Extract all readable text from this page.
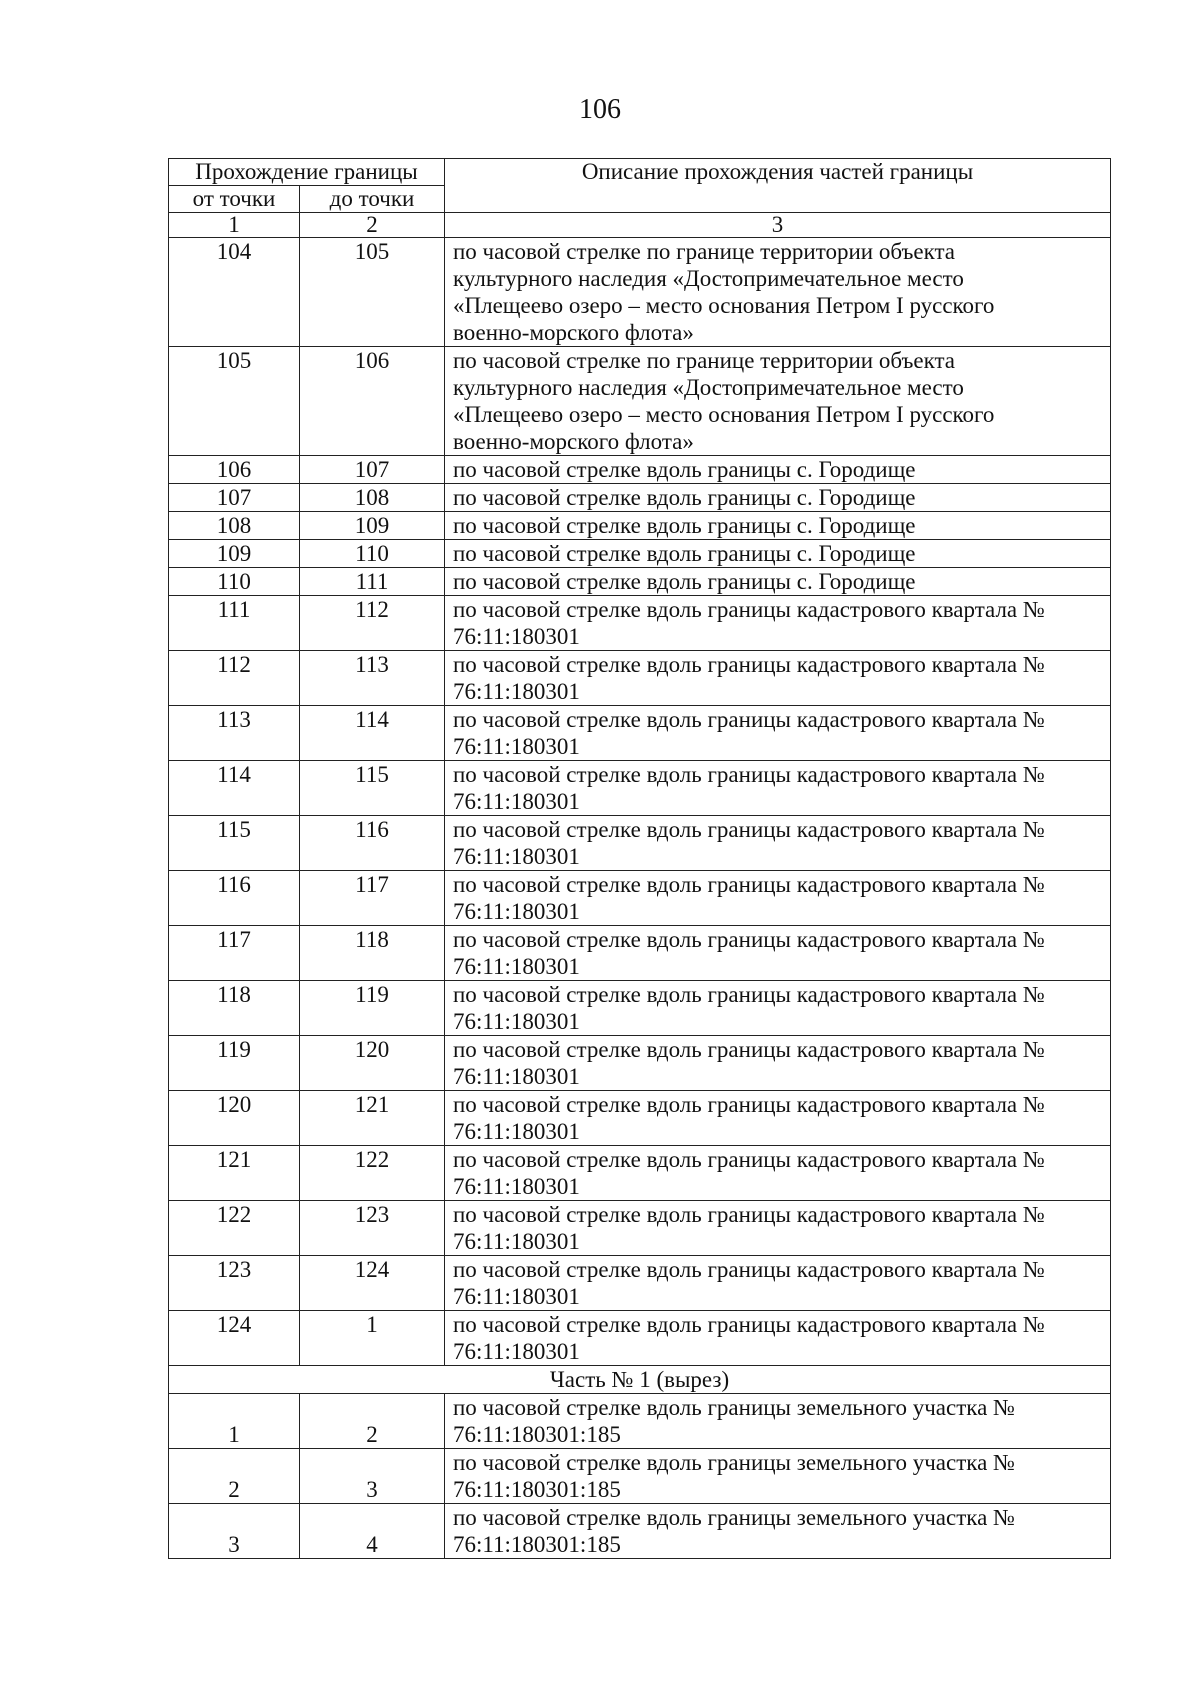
106
Прохождение границы		Описание прохождения частей границы
от точки	до точки	
1	2	3
104	105	по часовой стрелке по границе территории объекта
культурного наследия «Достопримечательное место
«Плещеево озеро – место основания Петром I русского
военно-морского флота»

105	106	по часовой стрелке по границе территории объекта
культурного наследия «Достопримечательное место
«Плещеево озеро – место основания Петром I русского
военно-морского флота»

106	107	по часовой стрелке вдоль границы с. Городище

107	108	по часовой стрелке вдоль границы с. Городище

108	109	по часовой стрелке вдоль границы с. Городище

109	110	по часовой стрелке вдоль границы с. Городище

110	111	по часовой стрелке вдоль границы с. Городище

111	112	по часовой стрелке вдоль границы кадастрового квартала №
76:11:180301

112	113	по часовой стрелке вдоль границы кадастрового квартала №
76:11:180301

113	114	по часовой стрелке вдоль границы кадастрового квартала №
76:11:180301

114	115	по часовой стрелке вдоль границы кадастрового квартала №
76:11:180301

115	116	по часовой стрелке вдоль границы кадастрового квартала №
76:11:180301

116	117	по часовой стрелке вдоль границы кадастрового квартала №
76:11:180301

117	118	по часовой стрелке вдоль границы кадастрового квартала №
76:11:180301

118	119	по часовой стрелке вдоль границы кадастрового квартала №
76:11:180301

119	120	по часовой стрелке вдоль границы кадастрового квартала №
76:11:180301

120	121	по часовой стрелке вдоль границы кадастрового квартала №
76:11:180301

121	122	по часовой стрелке вдоль границы кадастрового квартала №
76:11:180301

122	123	по часовой стрелке вдоль границы кадастрового квартала №
76:11:180301

123	124	по часовой стрелке вдоль границы кадастрового квартала №
76:11:180301

124	1	по часовой стрелке вдоль границы кадастрового квартала №
76:11:180301

Часть № 1 (вырез)		
1	2	по часовой стрелке вдоль границы земельного участка №
76:11:180301:185

2	3	по часовой стрелке вдоль границы земельного участка №
76:11:180301:185

3	4	по часовой стрелке вдоль границы земельного участка №
76:11:180301:185
